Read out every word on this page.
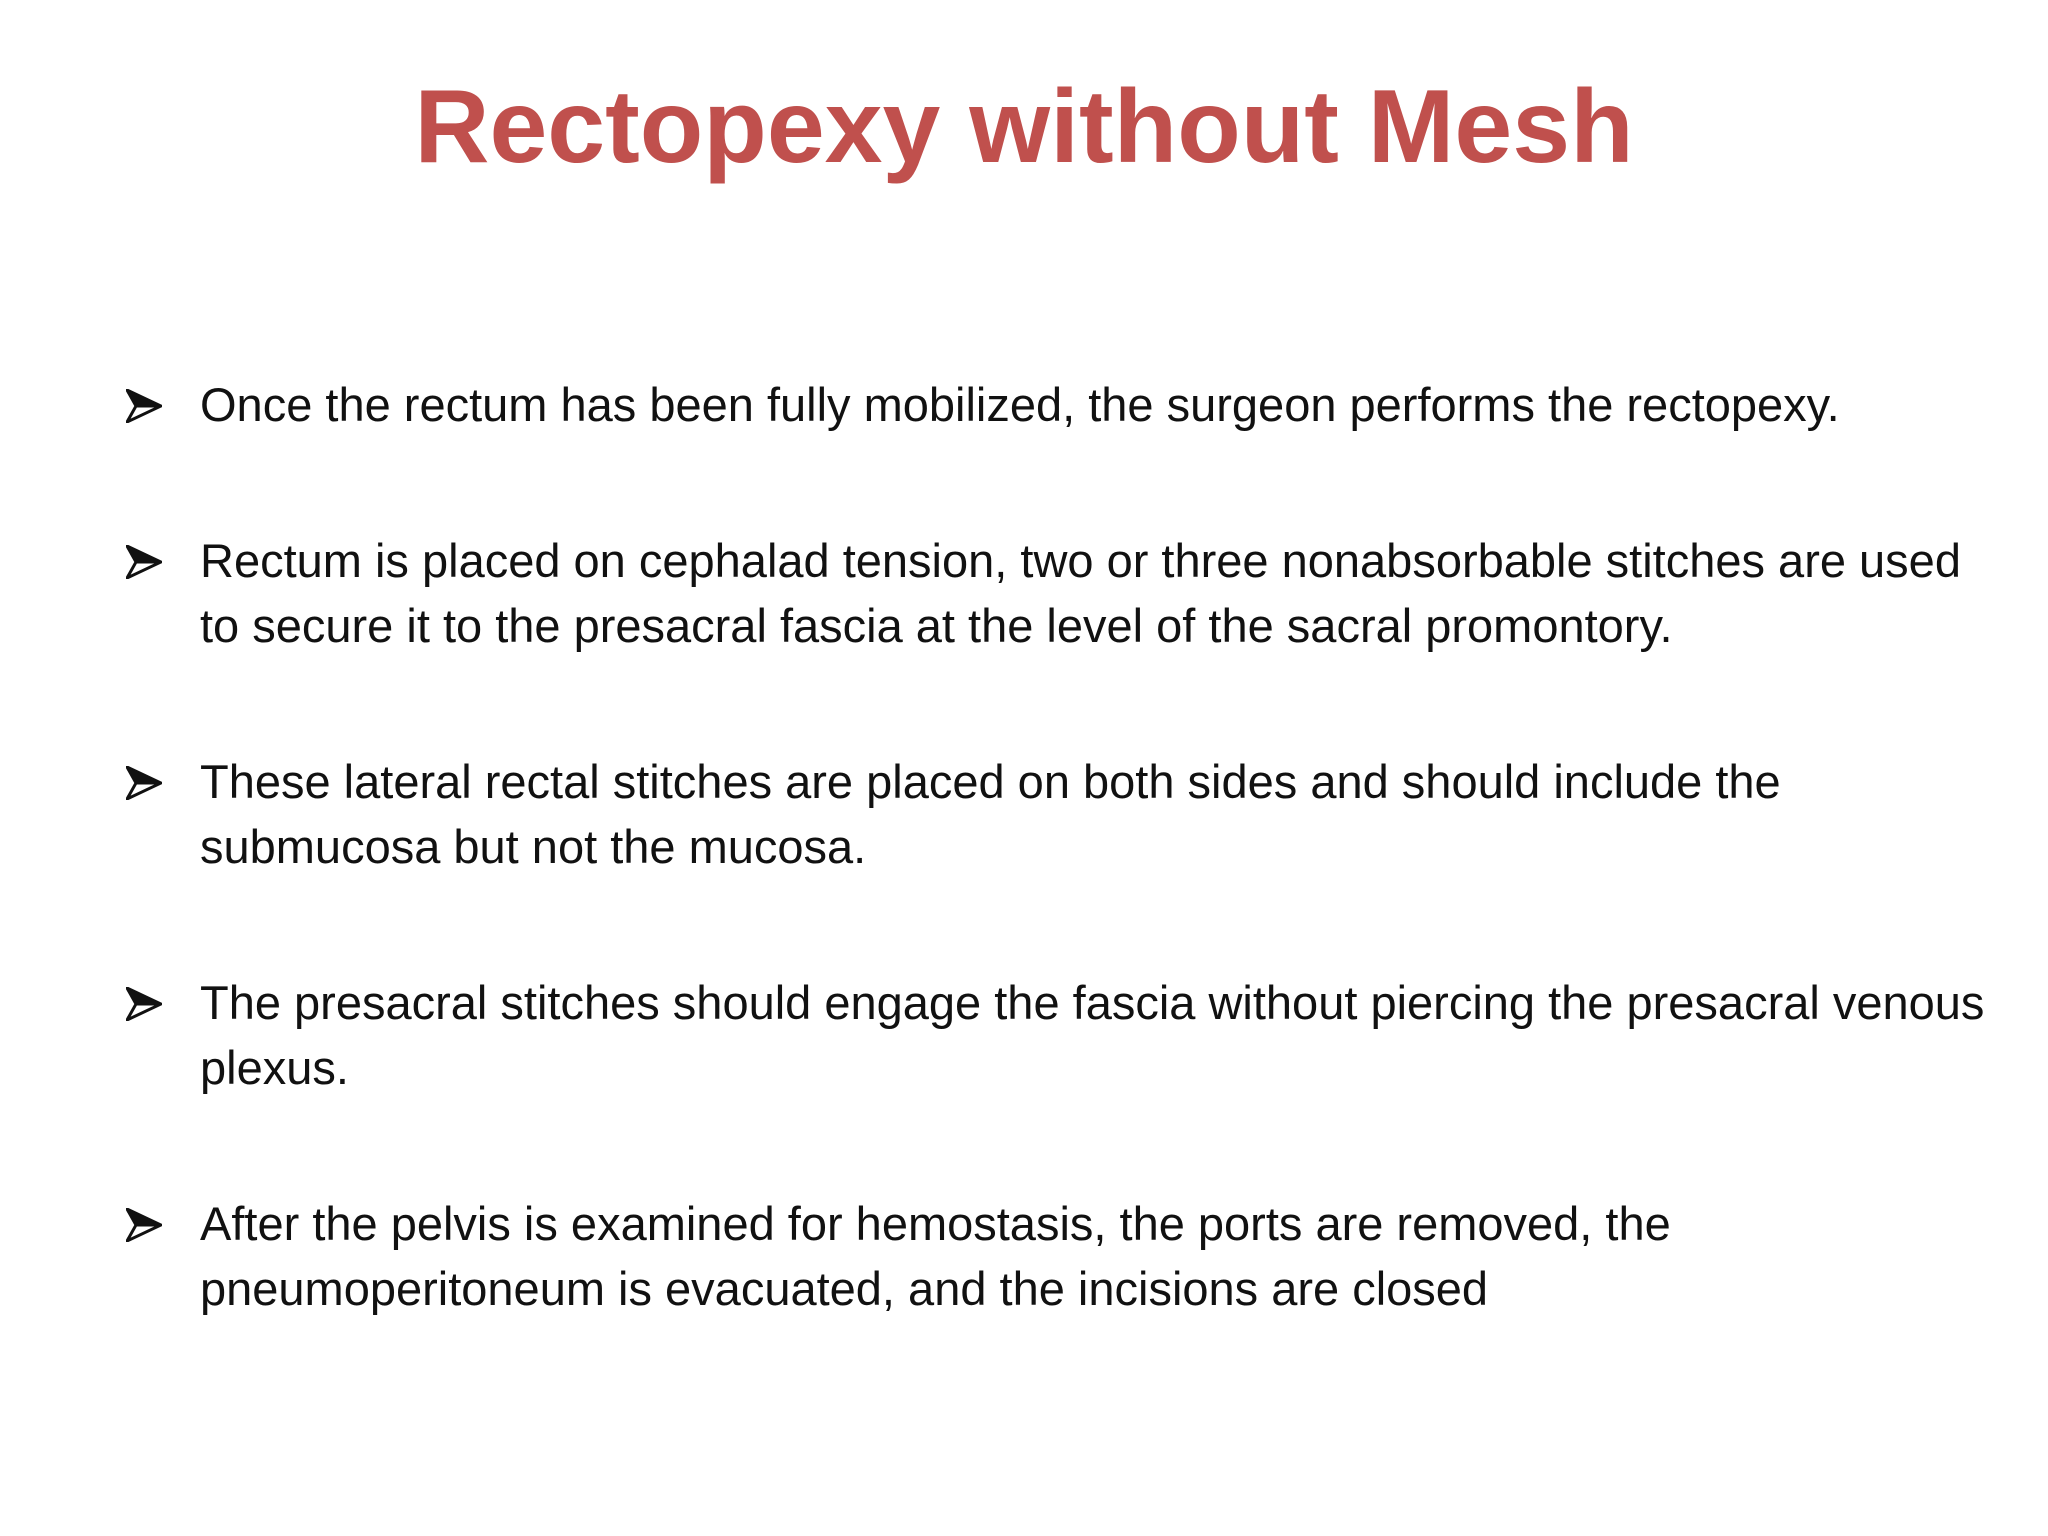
Rectopexy without Mesh
Once the rectum has been fully mobilized, the surgeon performs the rectopexy.
Rectum is placed on cephalad tension, two or three nonabsorbable stitches are used to secure it to the presacral fascia at the level of the sacral promontory.
These lateral rectal stitches are placed on both sides and should include the submucosa but not the mucosa.
The presacral stitches should engage the fascia without piercing the presacral venous plexus.
After the pelvis is examined for hemostasis, the ports are removed, the pneumoperitoneum is evacuated, and the incisions are closed
